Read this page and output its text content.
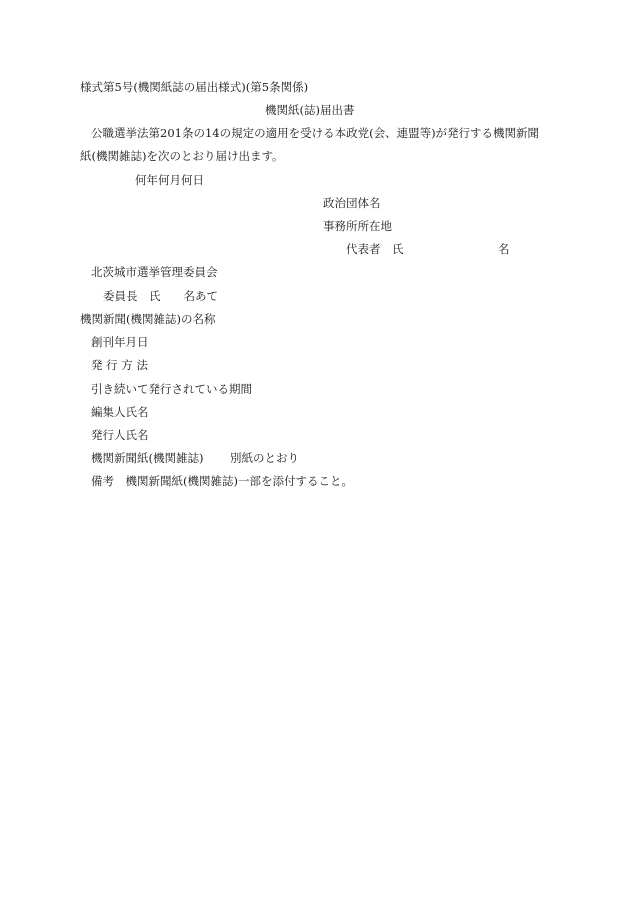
様式第5号(機関紙誌の届出様式)(第5条関係)
機関紙(誌)届出書
公職選挙法第201条の14の規定の適用を受ける本政党(会、連盟等)が発行する機関新聞
紙(機関雑誌)を次のとおり届け出ます。
何年何月何日
政治団体名
事務所所在地
代表者　氏	名
北茨城市選挙管理委員会
委員長　氏　　名あて
機関新聞(機関雑誌)の名称
創刊年月日
発 行 方 法
引き続いて発行されている期間
編集人氏名
発行人氏名
機関新聞紙(機関雑誌) 別紙のとおり
備考　機関新聞紙(機関雑誌)一部を添付すること。
